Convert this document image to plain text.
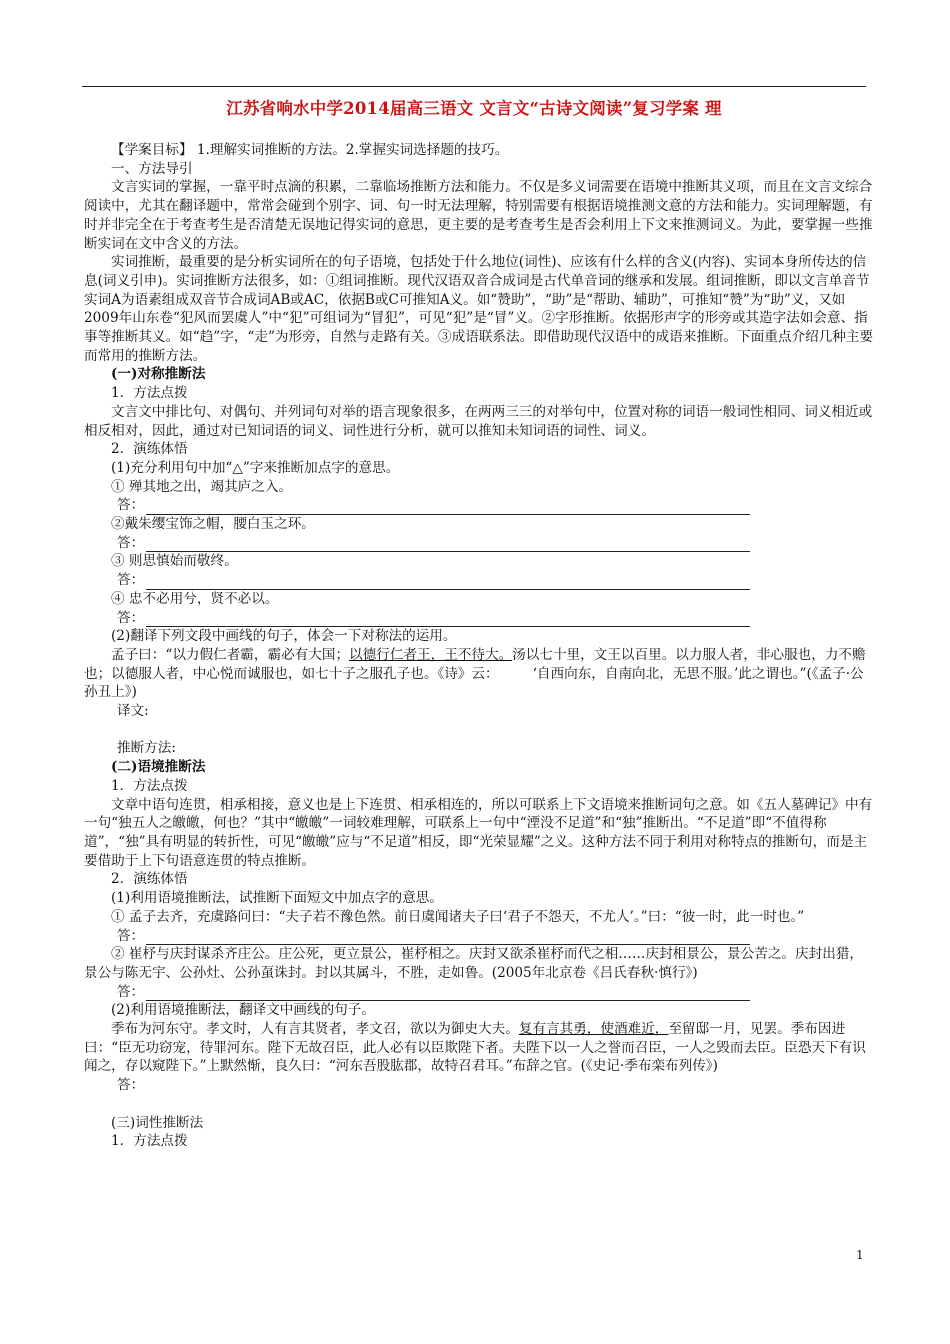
江苏省响水中学2014届高三语文 文言文“古诗文阅读”复习学案 理

【学案目标】 1.理解实词推断的方法。2.掌握实词选择题的技巧。

一、方法导引

文言实词的掌握，一靠平时点滴的积累，二靠临场推断方法和能力。不仅是多义词需要在语境中推断其义项，而且在文言文综合阅读中，尤其在翻译题中，常常会碰到个别字、词、句一时无法理解，特别需要有根据语境推测文意的方法和能力。实词理解题，有时并非完全在于考查考生是否清楚无误地记得实词的意思，更主要的是考查考生是否会利用上下文来推测词义。为此，要掌握一些推断实词在文中含义的方法。

实词推断，最重要的是分析实词所在的句子语境，包括处于什么地位(词性)、应该有什么样的含义(内容)、实词本身所传达的信息(词义引申)。实词推断方法很多，如：①组词推断。现代汉语双音合成词是古代单音词的继承和发展。组词推断，即以文言单音节实词A为语素组成双音节合成词AB或AC，依据B或C可推知A义。如“赞助”，“助”是“帮助、辅助”，可推知“赞”为“助”义，又如2009年山东卷“犯风而罢虞人”中“犯”可组词为“冒犯”，可见“犯”是“冒”义。②字形推断。依据形声字的形旁或其造字法如会意、指事等推断其义。如“趋”字，“走”为形旁，自然与走路有关。③成语联系法。即借助现代汉语中的成语来推断。下面重点介绍几种主要而常用的推断方法。

(一)对称推断法

1．方法点拨

文言文中排比句、对偶句、并列词句对举的语言现象很多，在两两三三的对举句中，位置对称的词语一般词性相同、词义相近或相反相对，因此，通过对已知词语的词义、词性进行分析，就可以推知未知词语的词性、词义。

2．演练体悟

(1)充分利用句中加“△”字来推断加点字的意思。

① 殚其地之出，竭其庐之入。

答：

②戴朱缨宝饰之帽，腰白玉之环。

答：

③ 则思慎始而敬终。

答：

④ 忠不必用兮，贤不必以。

答：

(2)翻译下列文段中画线的句子，体会一下对称法的运用。

孟子曰：“以力假仁者霸，霸必有大国；以德行仁者王，王不待大。汤以七十里，文王以百里。以力服人者，非心服也，力不赡也；以德服人者，中心悦而诚服也，如七十子之服孔子也。《诗》云：　　　‘自西向东，自南向北，无思不服。’此之谓也。”(《孟子·公孙丑上》)

译文:

推断方法:

(二)语境推断法

1．方法点拨

文章中语句连贯，相承相接，意义也是上下连贯、相承相连的，所以可联系上下文语境来推断词句之意。如《五人墓碑记》中有一句“独五人之皦皦，何也？”其中“皦皦”一词较难理解，可联系上一句中“湮没不足道”和“独”推断出。“不足道”即“不值得称道”，“独”具有明显的转折性，可见“皦皦”应与“不足道”相反，即“光荣显耀”之义。这种方法不同于利用对称特点的推断句，而是主要借助于上下句语意连贯的特点推断。

2．演练体悟

(1)利用语境推断法，试推断下面短文中加点字的意思。

① 孟子去齐，充虞路问曰：“夫子若不豫色然。前日虞闻诸夫子曰‘君子不怨天，不尤人’。”曰：“彼一时，此一时也。”

答：

② 崔杼与庆封谋杀齐庄公。庄公死，更立景公，崔杼相之。庆封又欲杀崔杼而代之相……庆封相景公，景公苦之。庆封出猎，景公与陈无宇、公孙灶、公孙虿诛封。封以其属斗，不胜，走如鲁。(2005年北京卷《吕氏春秋·慎行》)

答：

(2)利用语境推断法，翻译文中画线的句子。

季布为河东守。孝文时，人有言其贤者，孝文召，欲以为御史大夫。复有言其勇，使酒难近，至留邸一月，见罢。季布因进曰：“臣无功窃宠，待罪河东。陛下无故召臣，此人必有以臣欺陛下者。夫陛下以一人之誉而召臣，一人之毁而去臣。臣恐天下有识闻之，存以窥陛下。”上默然惭，良久曰：“河东吾股肱郡，故特召君耳。”布辞之官。(《史记·季布栾布列传》)

答：

(三)词性推断法

1．方法点拨

1
